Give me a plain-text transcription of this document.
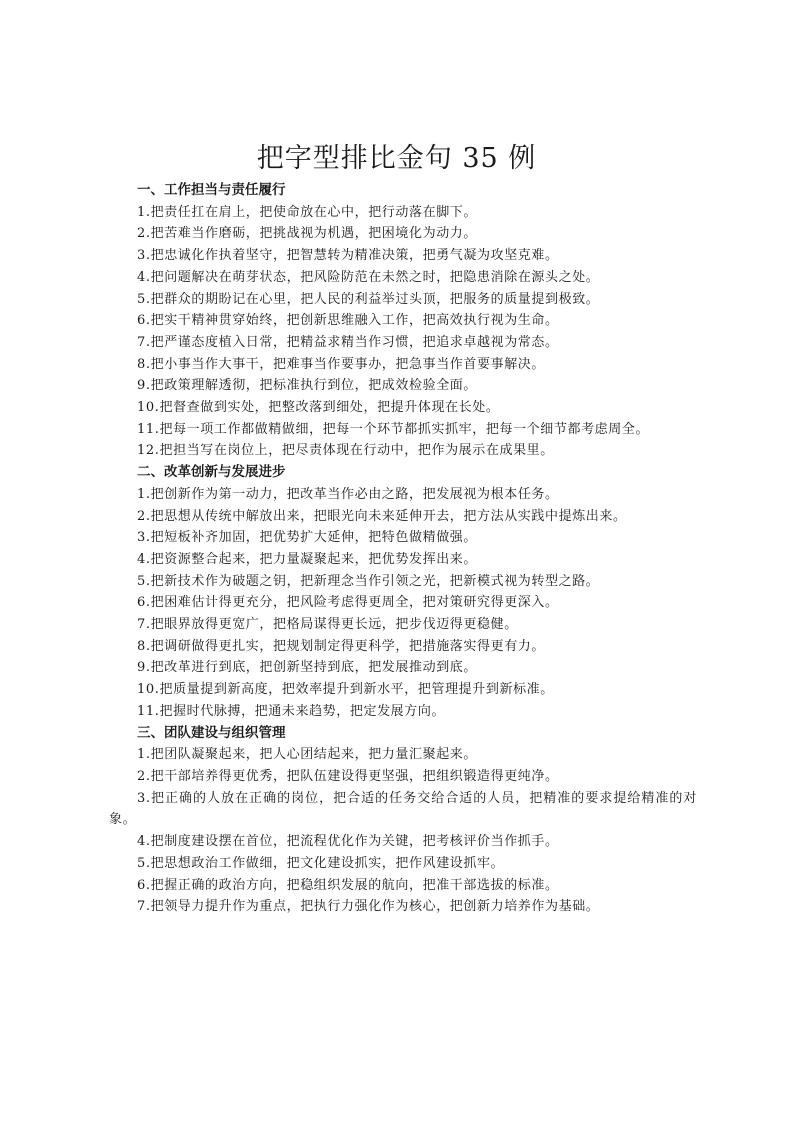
把字型排比金句 35 例

一、工作担当与责任履行

1.把责任扛在肩上，把使命放在心中，把行动落在脚下。

2.把苦难当作磨砺，把挑战视为机遇，把困境化为动力。

3.把忠诚化作执着坚守，把智慧转为精准决策，把勇气凝为攻坚克难。

4.把问题解决在萌芽状态，把风险防范在未然之时，把隐患消除在源头之处。

5.把群众的期盼记在心里，把人民的利益举过头顶，把服务的质量提到极致。

6.把实干精神贯穿始终，把创新思维融入工作，把高效执行视为生命。

7.把严谨态度植入日常，把精益求精当作习惯，把追求卓越视为常态。

8.把小事当作大事干，把难事当作要事办，把急事当作首要事解决。

9.把政策理解透彻，把标准执行到位，把成效检验全面。

10.把督查做到实处，把整改落到细处，把提升体现在长处。

11.把每一项工作都做精做细，把每一个环节都抓实抓牢，把每一个细节都考虑周全。

12.把担当写在岗位上，把尽责体现在行动中，把作为展示在成果里。

二、改革创新与发展进步

1.把创新作为第一动力，把改革当作必由之路，把发展视为根本任务。

2.把思想从传统中解放出来，把眼光向未来延伸开去，把方法从实践中提炼出来。

3.把短板补齐加固，把优势扩大延伸，把特色做精做强。

4.把资源整合起来，把力量凝聚起来，把优势发挥出来。

5.把新技术作为破题之钥，把新理念当作引领之光，把新模式视为转型之路。

6.把困难估计得更充分，把风险考虑得更周全，把对策研究得更深入。

7.把眼界放得更宽广，把格局谋得更长远，把步伐迈得更稳健。

8.把调研做得更扎实，把规划制定得更科学，把措施落实得更有力。

9.把改革进行到底，把创新坚持到底，把发展推动到底。

10.把质量提到新高度，把效率提升到新水平，把管理提升到新标准。

11.把握时代脉搏，把通未来趋势，把定发展方向。

三、团队建设与组织管理

1.把团队凝聚起来，把人心团结起来，把力量汇聚起来。

2.把干部培养得更优秀，把队伍建设得更坚强，把组织锻造得更纯净。

3.把正确的人放在正确的岗位，把合适的任务交给合适的人员，把精准的要求提给精准的对象。

4.把制度建设摆在首位，把流程优化作为关键，把考核评价当作抓手。

5.把思想政治工作做细，把文化建设抓实，把作风建设抓牢。

6.把握正确的政治方向，把稳组织发展的航向，把准干部选拔的标准。

7.把领导力提升作为重点，把执行力强化作为核心，把创新力培养作为基础。
